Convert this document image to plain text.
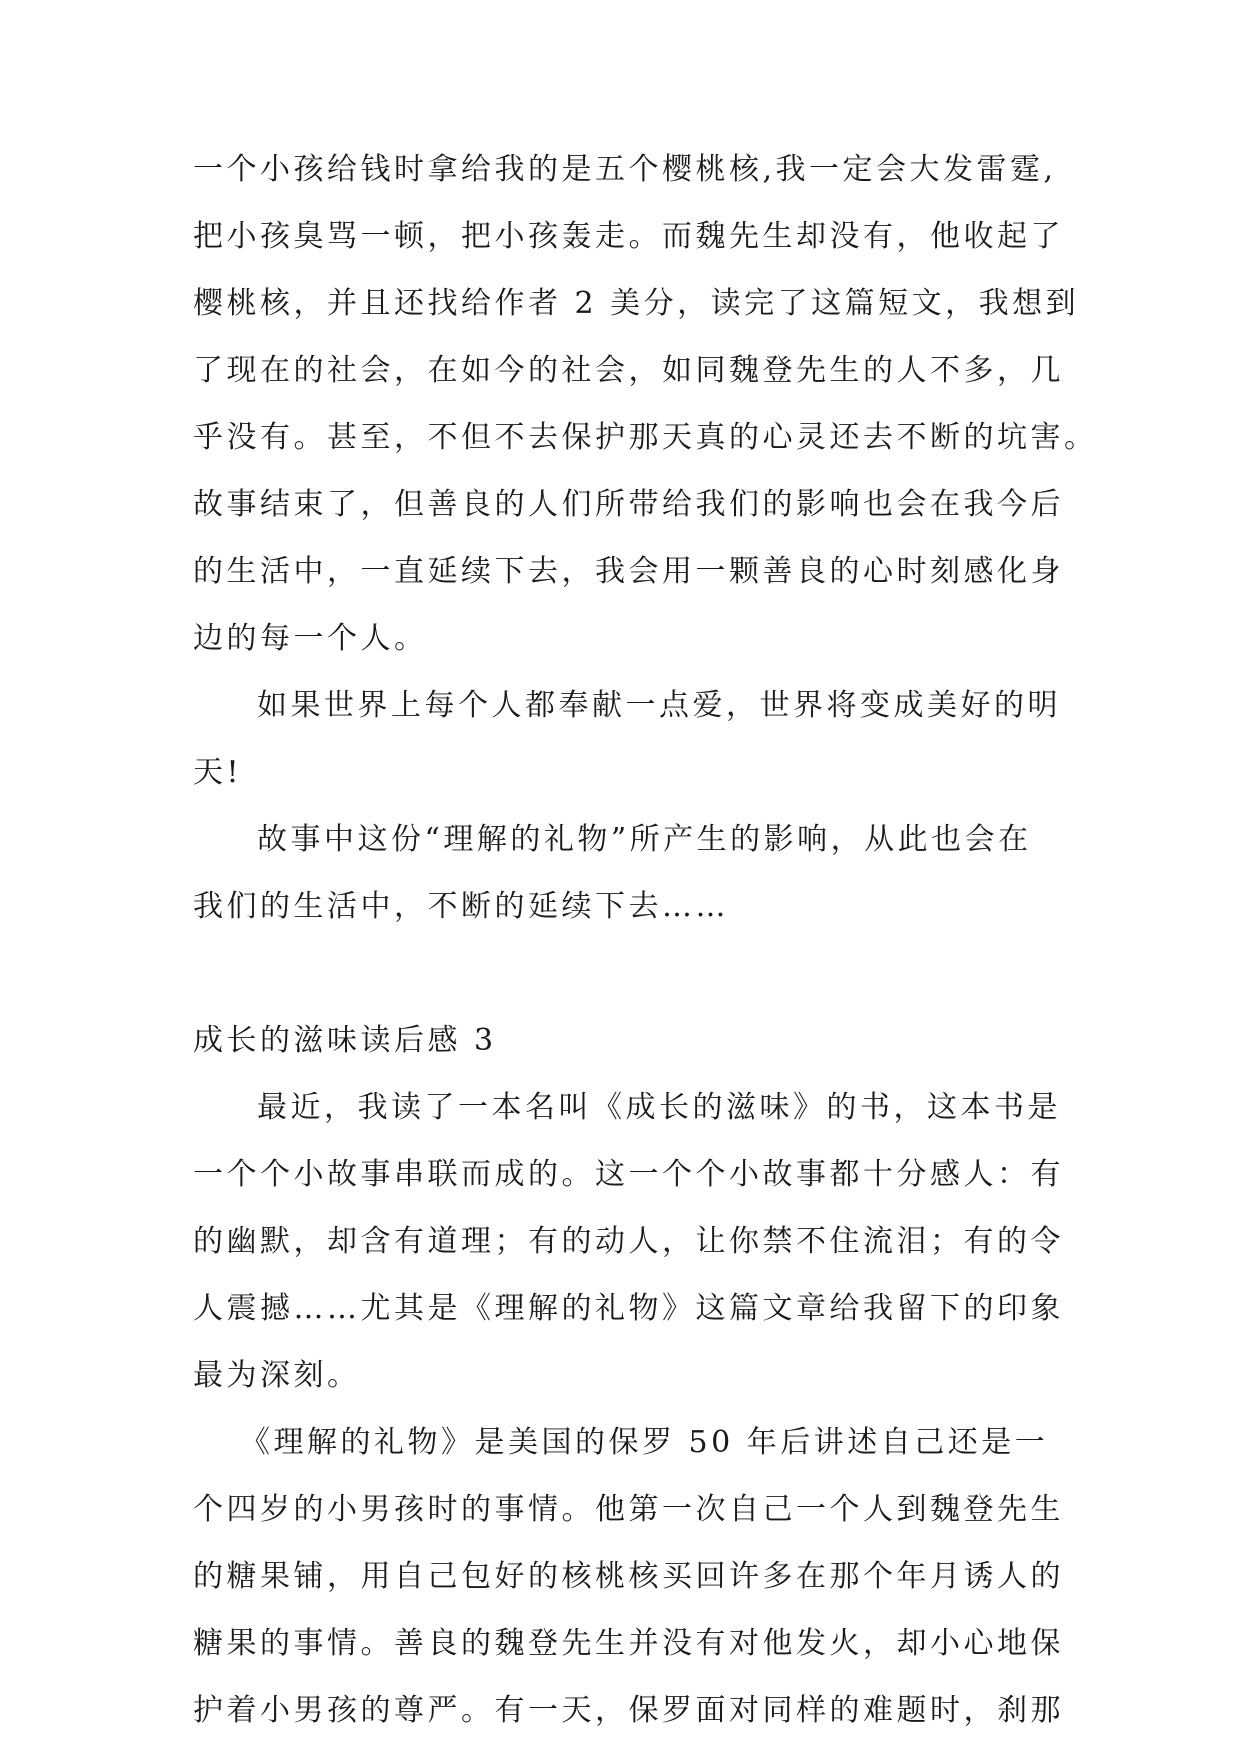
一个小孩给钱时拿给我的是五个樱桃核,我一定会大发雷霆,
把小孩臭骂一顿，把小孩轰走。而魏先生却没有，他收起了
樱桃核，并且还找给作者 2 美分，读完了这篇短文，我想到
了现在的社会，在如今的社会，如同魏登先生的人不多，几
乎没有。甚至，不但不去保护那天真的心灵还去不断的坑害。
故事结束了，但善良的人们所带给我们的影响也会在我今后
的生活中，一直延续下去，我会用一颗善良的心时刻感化身
边的每一个人。
如果世界上每个人都奉献一点爱，世界将变成美好的明
天!
故事中这份“理解的礼物”所产生的影响，从此也会在
我们的生活中，不断的延续下去……
成长的滋味读后感 3
最近，我读了一本名叫《成长的滋味》的书，这本书是
一个个小故事串联而成的。这一个个小故事都十分感人：有
的幽默，却含有道理；有的动人，让你禁不住流泪；有的令
人震撼……尤其是《理解的礼物》这篇文章给我留下的印象
最为深刻。
《理解的礼物》是美国的保罗 50 年后讲述自己还是一
个四岁的小男孩时的事情。他第一次自己一个人到魏登先生
的糖果铺，用自己包好的核桃核买回许多在那个年月诱人的
糖果的事情。善良的魏登先生并没有对他发火，却小心地保
护着小男孩的尊严。有一天，保罗面对同样的难题时，刹那
